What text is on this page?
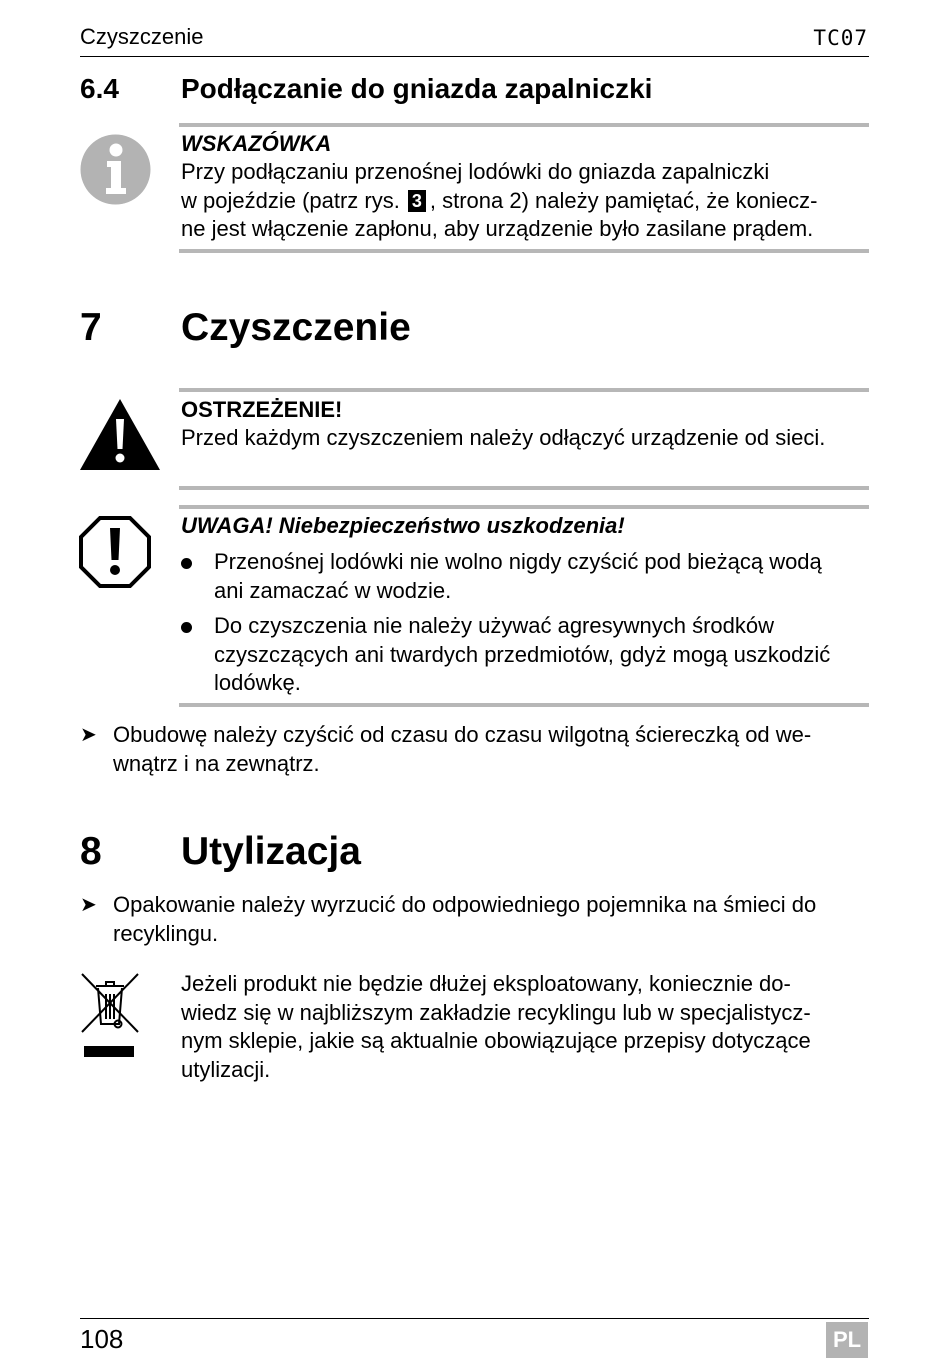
Czyszczenie	TC07
6.4 Podłączanie do gniazda zapalniczki
WSKAZÓWKA
Przy podłączaniu przenośnej lodówki do gniazda zapalniczki
w pojeździe (patrz rys. 3 , strona 2) należy pamiętać, że koniecz-
ne jest włączenie zapłonu, aby urządzenie było zasilane prądem.
7 Czyszczenie
OSTRZEŻENIE!
Przed każdym czyszczeniem należy odłączyć urządzenie od sieci.
UWAGA! Niebezpieczeństwo uszkodzenia!
Przenośnej lodówki nie wolno nigdy czyścić pod bieżącą wodą
ani zamaczać w wodzie.
Do czyszczenia nie należy używać agresywnych środków
czyszczących ani twardych przedmiotów, gdyż mogą uszkodzić
lodówkę.
➤ Obudowę należy czyścić od czasu do czasu wilgotną ściereczką od we-
wnątrz i na zewnątrz.
8 Utylizacja
➤ Opakowanie należy wyrzucić do odpowiedniego pojemnika na śmieci do
recyklingu.
Jeżeli produkt nie będzie dłużej eksploatowany, koniecznie do-
wiedz się w najbliższym zakładzie recyklingu lub w specjalistycz-
nym sklepie, jakie są aktualnie obowiązujące przepisy dotyczące
utylizacji.
108	PL
